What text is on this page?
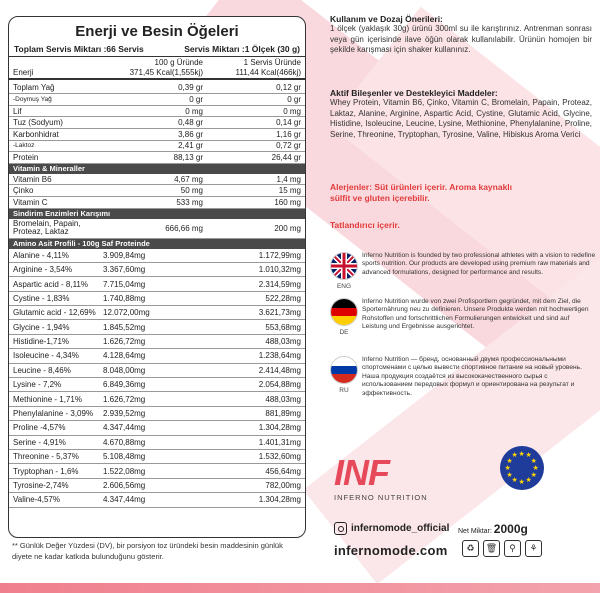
Enerji ve Besin Öğeleri
Toplam Servis Miktarı :66 Servis	Servis Miktarı :1 Ölçek (30 g)
100 g Üründe	1 Servis Üründe
Enerji	371,45 Kcal(1,555kj)	111,44 Kcal(466kj)
Toplam Yağ	0,39 gr	0,12 gr
-Doymuş Yağ	0 gr	0 gr
Lif	0 mg	0 mg
Tuz (Sodyum)	0,48 gr	0,14 gr
Karbonhidrat	3,86 gr	1,16 gr
-Laktoz	2,41 gr	0,72 gr
Protein	88,13 gr	26,44 gr
Vitamin & Mineraller
Vitamin B6	4,67 mg	1,4 mg
Çinko	50 mg	15 mg
Vitamin C	533 mg	160 mg
Sindirim Enzimleri Karışımı
Bromelain, Papain, Proteaz, Laktaz	666,66 mg	200 mg
Amino Asit Profili - 100g Saf Proteinde
Alanine - 4,11%	3.909,84mg	1.172,99mg
Arginine - 3,54%	3.367,60mg	1.010,32mg
Aspartic acid - 8,11%	7.715,04mg	2.314,59mg
Cystine - 1,83%	1.740,88mg	522,28mg
Glutamic acid - 12,69% 12.072,00mg	3.621,73mg
Glycine - 1,94%	1.845,52mg	553,68mg
Histidine-1,71%	1.626,72mg	488,03mg
Isoleucine - 4,34%	4.128,64mg	1.238,64mg
Leucine - 8,46%	8.048,00mg	2.414,48mg
Lysine - 7,2%	6.849,36mg	2.054,88mg
Methionine - 1,71%	1.626,72mg	488,03mg
Phenylalanine - 3,09%	2.939,52mg	881,89mg
Proline -4,57%	4.347,44mg	1.304,28mg
Serine - 4,91%	4.670,88mg	1.401,31mg
Threonine - 5,37%	5.108,48mg	1.532,60mg
Tryptophan - 1,6%	1.522,08mg	456,64mg
Tyrosine-2,74%	2.606,56mg	782,00mg
Valine-4,57%	4.347,44mg	1.304,28mg
** Günlük Değer Yüzdesi (DV), bir porsiyon toz üründeki besin maddesinin günlük diyete ne kadar katkıda bulunduğunu gösterir.
Kullanım ve Dozaj Önerileri:

1 ölçek (yaklaşık 30g) ürünü 300ml su ile karıştırınız. Antrenman sonrası veya gün içerisinde ilave öğün olarak kullanılabilir. Ürünün homojen bir şekilde karışması için shaker kullanınız.

Aktif Bileşenler ve Destekleyici Maddeler:

Whey Protein, Vitamin B6, Çinko, Vitamin C, Bromelain, Papain, Proteaz, Laktaz, Alanine, Arginine, Aspartic Acid, Cystine, Glutamic Acid, Glycine, Histidine, Isoleucine, Leucine, Lysine, Methionine, Phenylalanine, Proline, Serine, Threonine, Tryptophan, Tyrosine, Valine, Hibiskus Aroma Verici

Alerjenler: Süt ürünleri içerir. Aroma kaynaklı sülfit ve gluten içerebilir.
Tatlandırıcı içerir.
ENG
Inferno Nutrition is founded by two professional athletes with a vision to redefine sports nutrition. Our products are developed using premium raw materials and advanced formulations, designed for performance and results.
DE
Inferno Nutrition wurde von zwei Profisportlern gegründet, mit dem Ziel, die Sporternährung neu zu definieren. Unsere Produkte werden mit hochwertigen Rohstoffen und fortschrittlichen Formulierungen entwickelt und sind auf Leistung und Ergebnisse ausgerichtet.
RU
Inferno Nutrition — бренд, основанный двумя профессиональными спортсменами с целью вывести спортивное питание на новый уровень. Наша продукция создаётся из высококачественного сырья с использованием передовых формул и ориентирована на результат и эффективность.
INF
INFERNO NUTRITION
★ ★
★
★
★
★
★
★
★
★
★
★
infernomode_official
infernomode.com
Net Miktar: 2000g
♻	🗑	⚲	⚘
